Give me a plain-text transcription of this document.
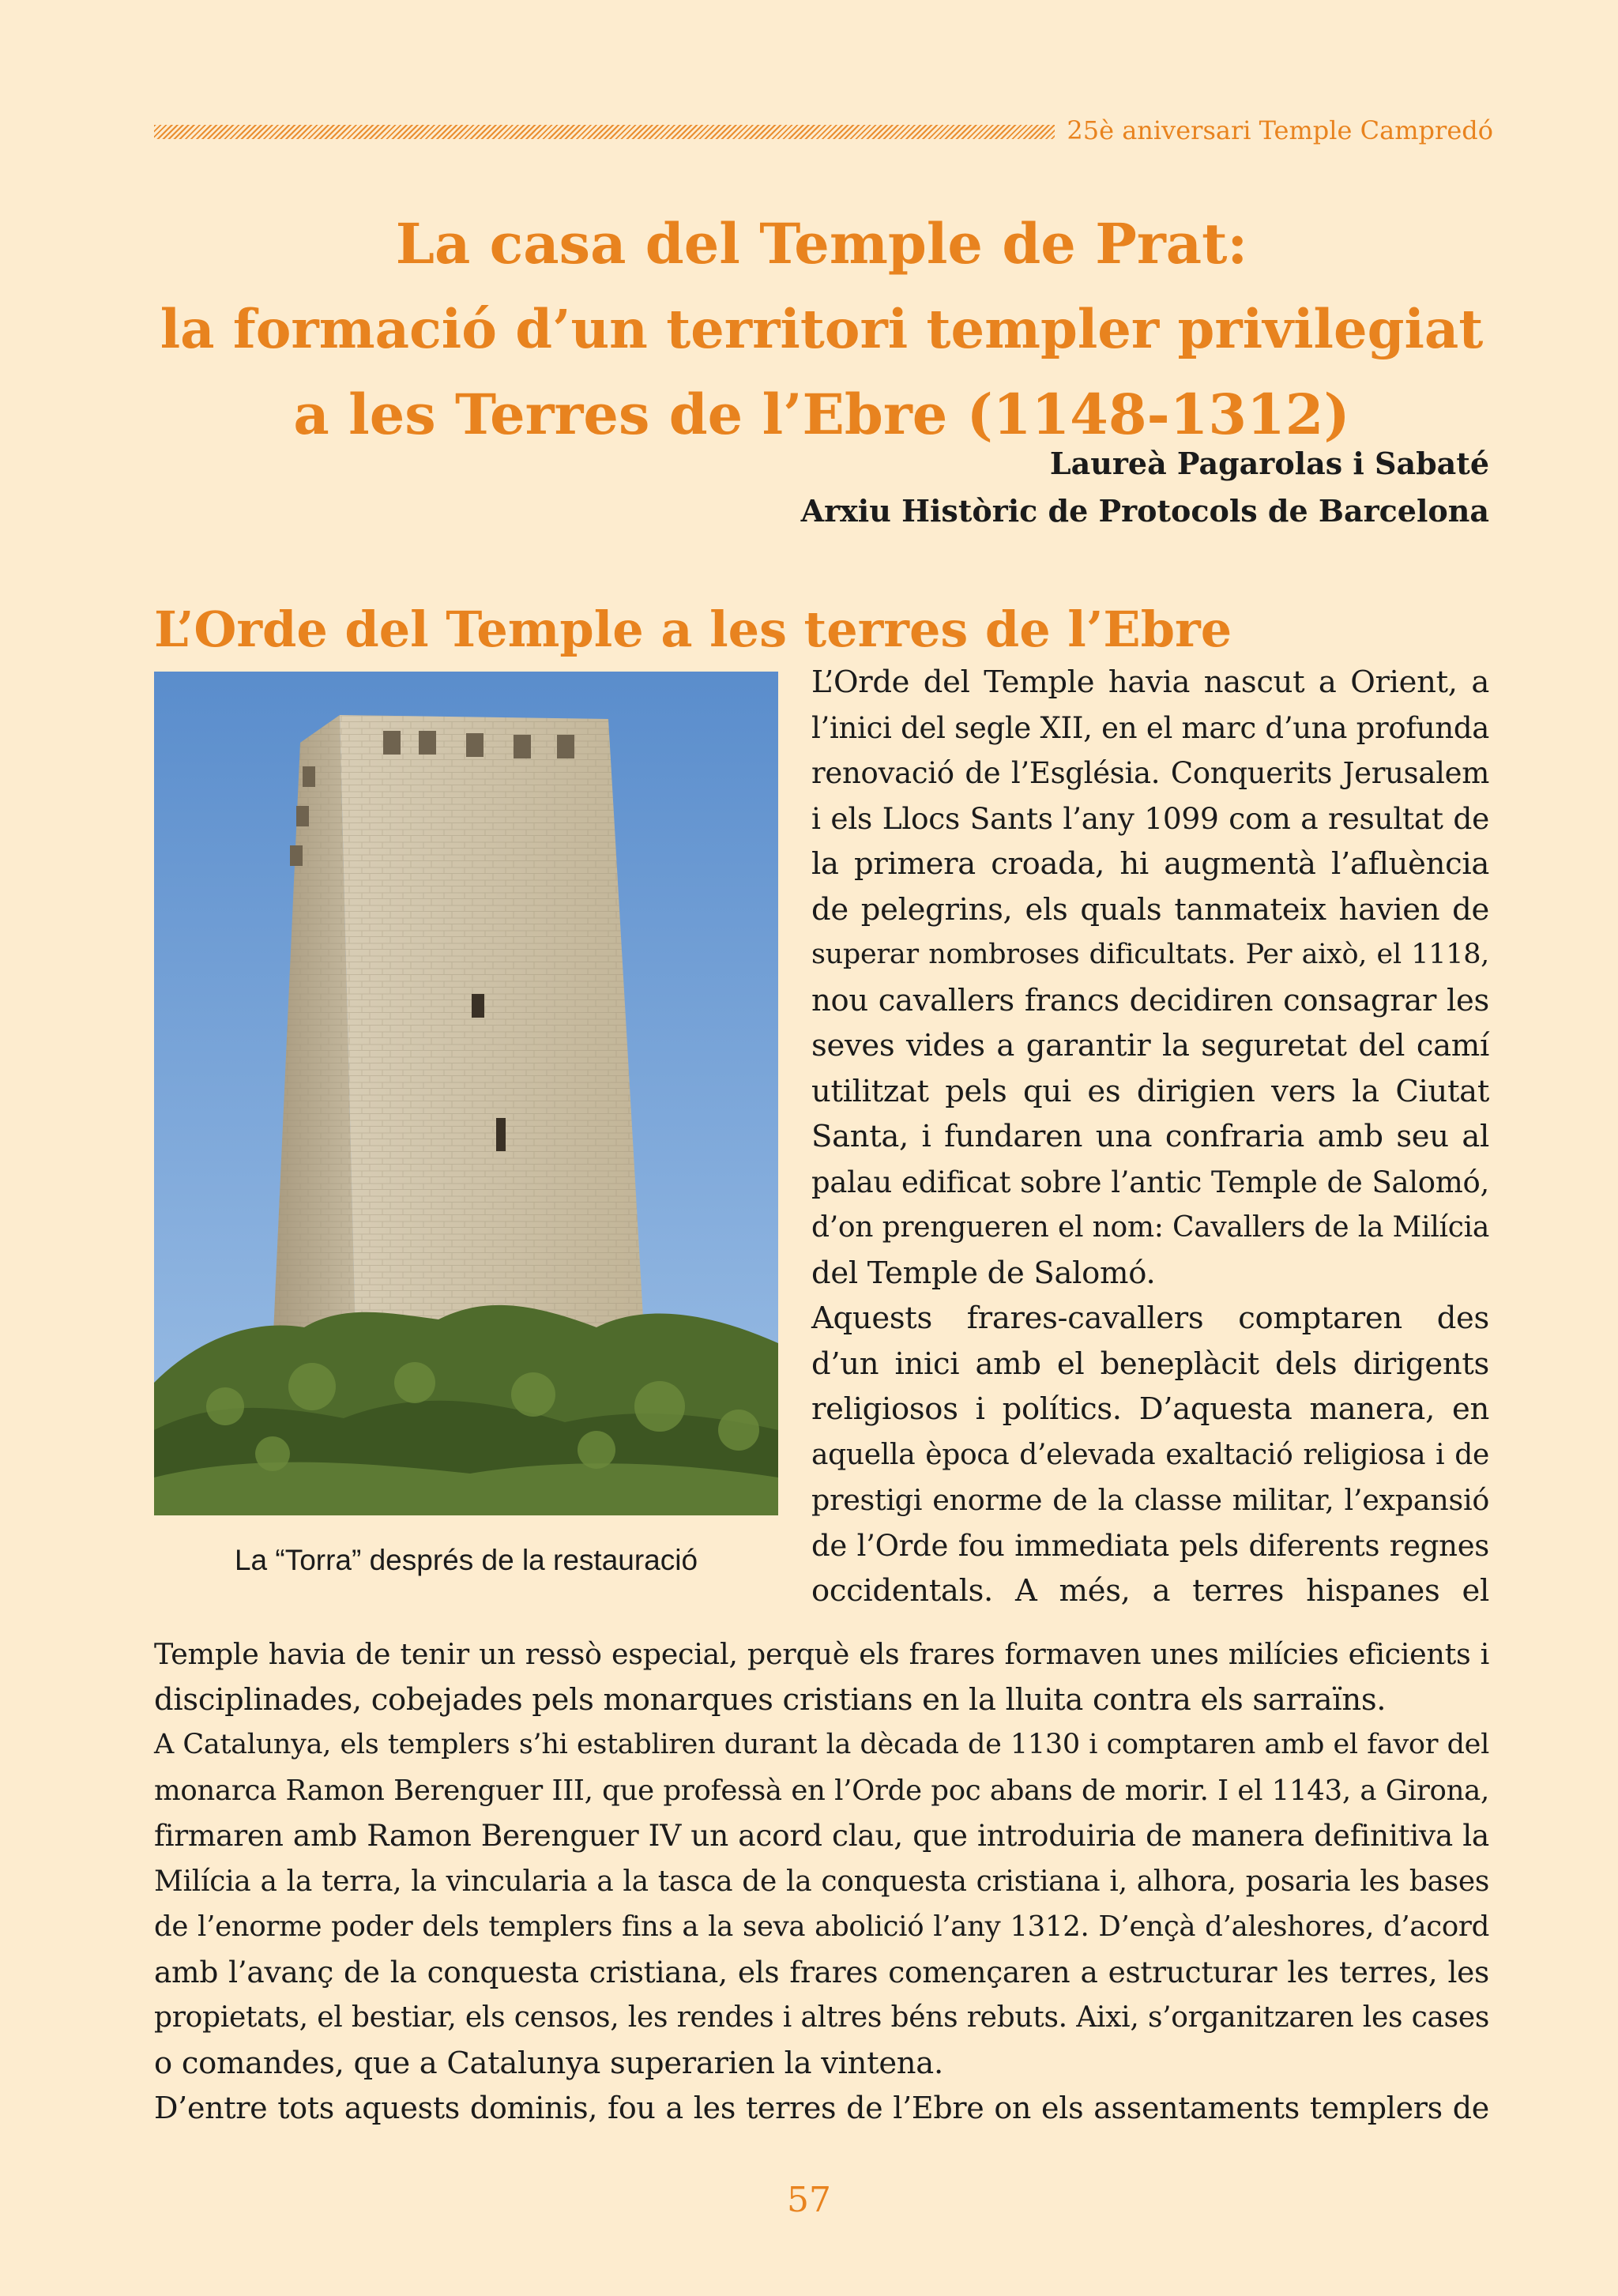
25è aniversari Temple Campredó
La casa del Temple de Prat:
la formació d’un territori templer privilegiat
a les Terres de l’Ebre (1148-1312)
Laureà Pagarolas i Sabaté
Arxiu Històric de Protocols de Barcelona
L’Orde del Temple a les terres de l’Ebre
La “Torra” després de la restauració
L’Orde del Temple havia nascut a Orient, a
l’inici del segle XII, en el marc d’una profunda
renovació de l’Església. Conquerits Jerusalem
i els Llocs Sants l’any 1099 com a resultat de
la primera croada, hi augmentà l’afluència
de pelegrins, els quals tanmateix havien de
superar nombroses dificultats. Per això, el 1118,
nou cavallers francs decidiren consagrar les
seves vides a garantir la seguretat del camí
utilitzat pels qui es dirigien vers la Ciutat
Santa, i fundaren una confraria amb seu al
palau edificat sobre l’antic Temple de Salomó,
d’on prengueren el nom: Cavallers de la Milícia
del Temple de Salomó.
Aquests frares-cavallers comptaren des
d’un inici amb el beneplàcit dels dirigents
religiosos i polítics. D’aquesta manera, en
aquella època d’elevada exaltació religiosa i de
prestigi enorme de la classe militar, l’expansió
de l’Orde fou immediata pels diferents regnes
occidentals. A més, a terres hispanes el
Temple havia de tenir un ressò especial, perquè els frares formaven unes milícies eficients i
disciplinades, cobejades pels monarques cristians en la lluita contra els sarraïns.
A Catalunya, els templers s’hi establiren durant la dècada de 1130 i comptaren amb el favor del
monarca Ramon Berenguer III, que professà en l’Orde poc abans de morir. I el 1143, a Girona,
firmaren amb Ramon Berenguer IV un acord clau, que introduiria de manera definitiva la
Milícia a la terra, la vincularia a la tasca de la conquesta cristiana i, alhora, posaria les bases
de l’enorme poder dels templers fins a la seva abolició l’any 1312. D’ençà d’aleshores, d’acord
amb l’avanç de la conquesta cristiana, els frares començaren a estructurar les terres, les
propietats, el bestiar, els censos, les rendes i altres béns rebuts. Aixi, s’organitzaren les cases
o comandes, que a Catalunya superarien la vintena.
D’entre tots aquests dominis, fou a les terres de l’Ebre on els assentaments templers de
57
